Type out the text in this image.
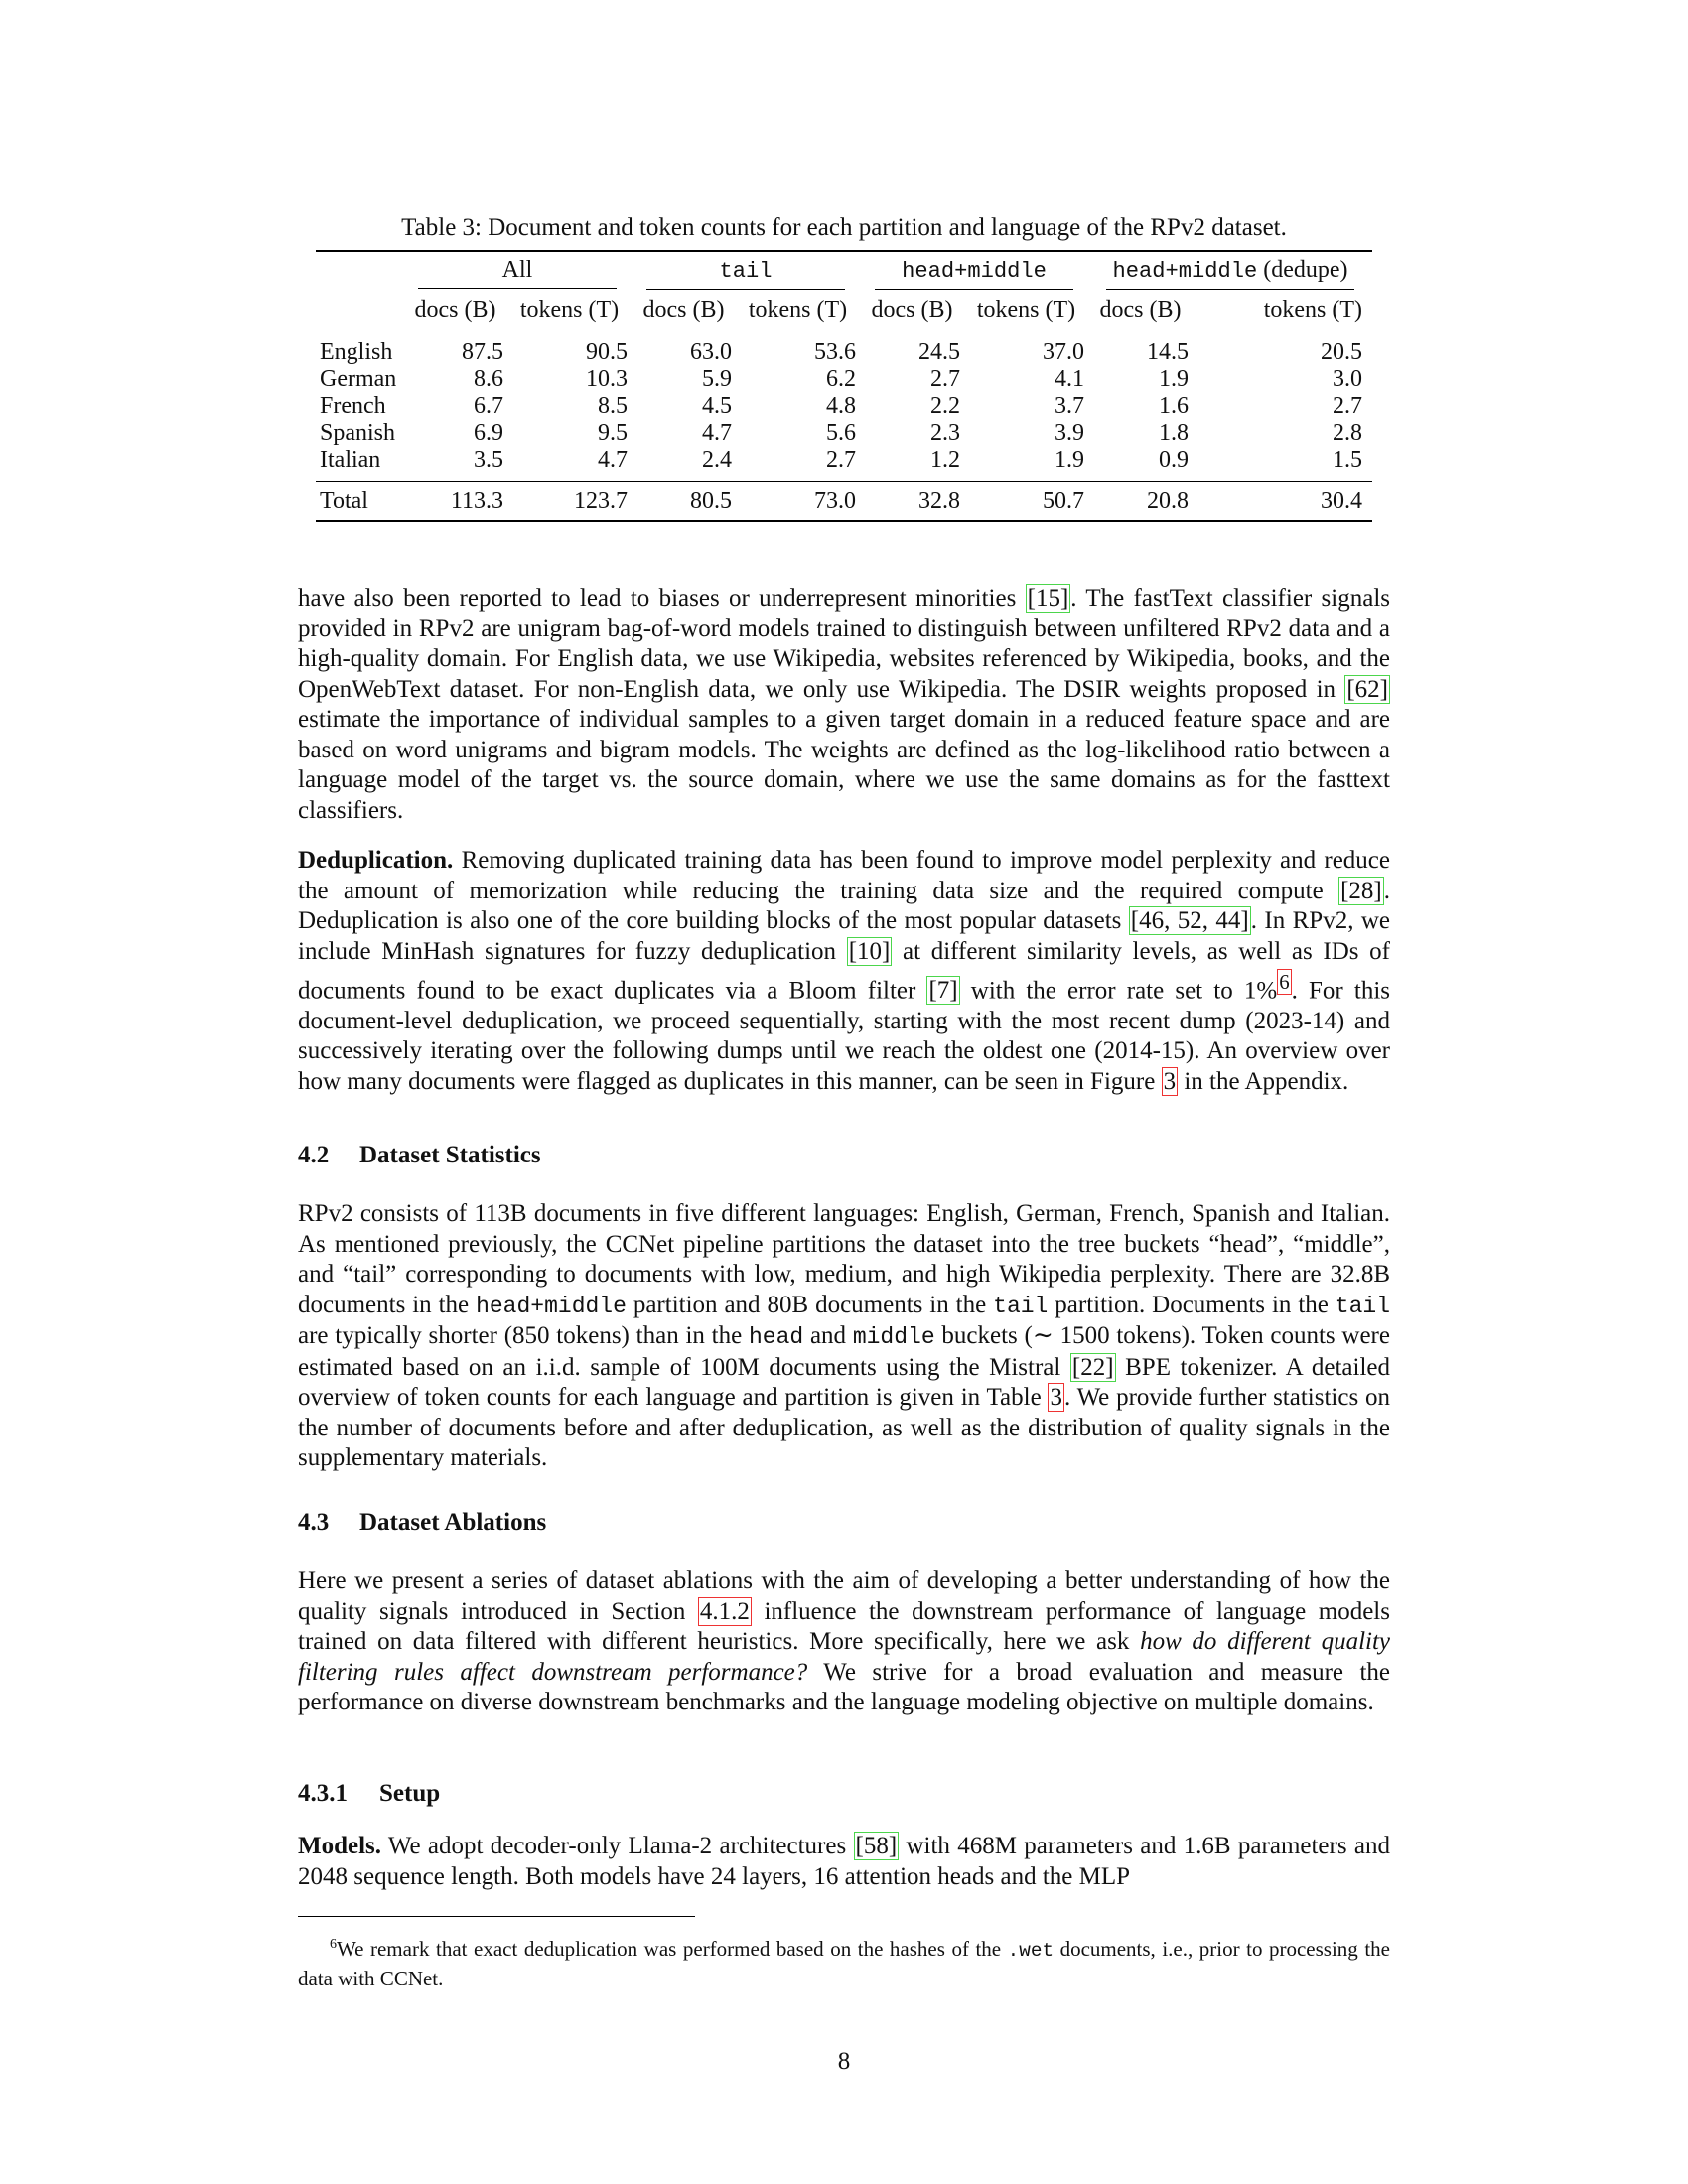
Table 3: Document and token counts for each partition and language of the RPv2 dataset.
	All		tail		head+middle		head+middle (dedupe)	
	docs (B)	tokens (T)	docs (B)	tokens (T)	docs (B)	tokens (T)	docs (B)	tokens (T)
English	87.5	90.5	63.0	53.6	24.5	37.0	14.5	20.5
German	8.6	10.3	5.9	6.2	2.7	4.1	1.9	3.0
French	6.7	8.5	4.5	4.8	2.2	3.7	1.6	2.7
Spanish	6.9	9.5	4.7	5.6	2.3	3.9	1.8	2.8
Italian	3.5	4.7	2.4	2.7	1.2	1.9	0.9	1.5
Total	113.3	123.7	80.5	73.0	32.8	50.7	20.8	30.4

have also been reported to lead to biases or underrepresent minorities [15]. The fastText classifier signals provided in RPv2 are unigram bag-of-word models trained to distinguish between unfiltered RPv2 data and a high-quality domain. For English data, we use Wikipedia, websites referenced by Wikipedia, books, and the OpenWebText dataset. For non-English data, we only use Wikipedia. The DSIR weights proposed in [62] estimate the importance of individual samples to a given target domain in a reduced feature space and are based on word unigrams and bigram models. The weights are defined as the log-likelihood ratio between a language model of the target vs. the source domain, where we use the same domains as for the fasttext classifiers.

Deduplication. Removing duplicated training data has been found to improve model perplexity and reduce the amount of memorization while reducing the training data size and the required compute [28]. Deduplication is also one of the core building blocks of the most popular datasets [46, 52, 44]. In RPv2, we include MinHash signatures for fuzzy deduplication [10] at different similarity levels, as well as IDs of documents found to be exact duplicates via a Bloom filter [7] with the error rate set to 1%$^6$. For this document-level deduplication, we proceed sequentially, starting with the most recent dump (2023-14) and successively iterating over the following dumps until we reach the oldest one (2014-15). An overview over how many documents were flagged as duplicates in this manner, can be seen in Figure 3 in the Appendix.

4.2 Dataset Statistics

RPv2 consists of 113B documents in five different languages: English, German, French, Spanish and Italian. As mentioned previously, the CCNet pipeline partitions the dataset into the tree buckets “head”, “middle”, and “tail” corresponding to documents with low, medium, and high Wikipedia perplexity. There are 32.8B documents in the head+middle partition and 80B documents in the tail partition. Documents in the tail are typically shorter (850 tokens) than in the head and middle buckets (∼ 1500 tokens). Token counts were estimated based on an i.i.d. sample of 100M documents using the Mistral [22] BPE tokenizer. A detailed overview of token counts for each language and partition is given in Table 3. We provide further statistics on the number of documents before and after deduplication, as well as the distribution of quality signals in the supplementary materials.

4.3 Dataset Ablations

Here we present a series of dataset ablations with the aim of developing a better understanding of how the quality signals introduced in Section 4.1.2 influence the downstream performance of language models trained on data filtered with different heuristics. More specifically, here we ask how do different quality filtering rules affect downstream performance? We strive for a broad evaluation and measure the performance on diverse downstream benchmarks and the language modeling objective on multiple domains.

4.3.1 Setup

Models. We adopt decoder-only Llama-2 architectures [58] with 468M parameters and 1.6B parameters and 2048 sequence length. Both models have 24 layers, 16 attention heads and the MLP

$^6$We remark that exact deduplication was performed based on the hashes of the .wet documents, i.e., prior to processing the data with CCNet.
8
